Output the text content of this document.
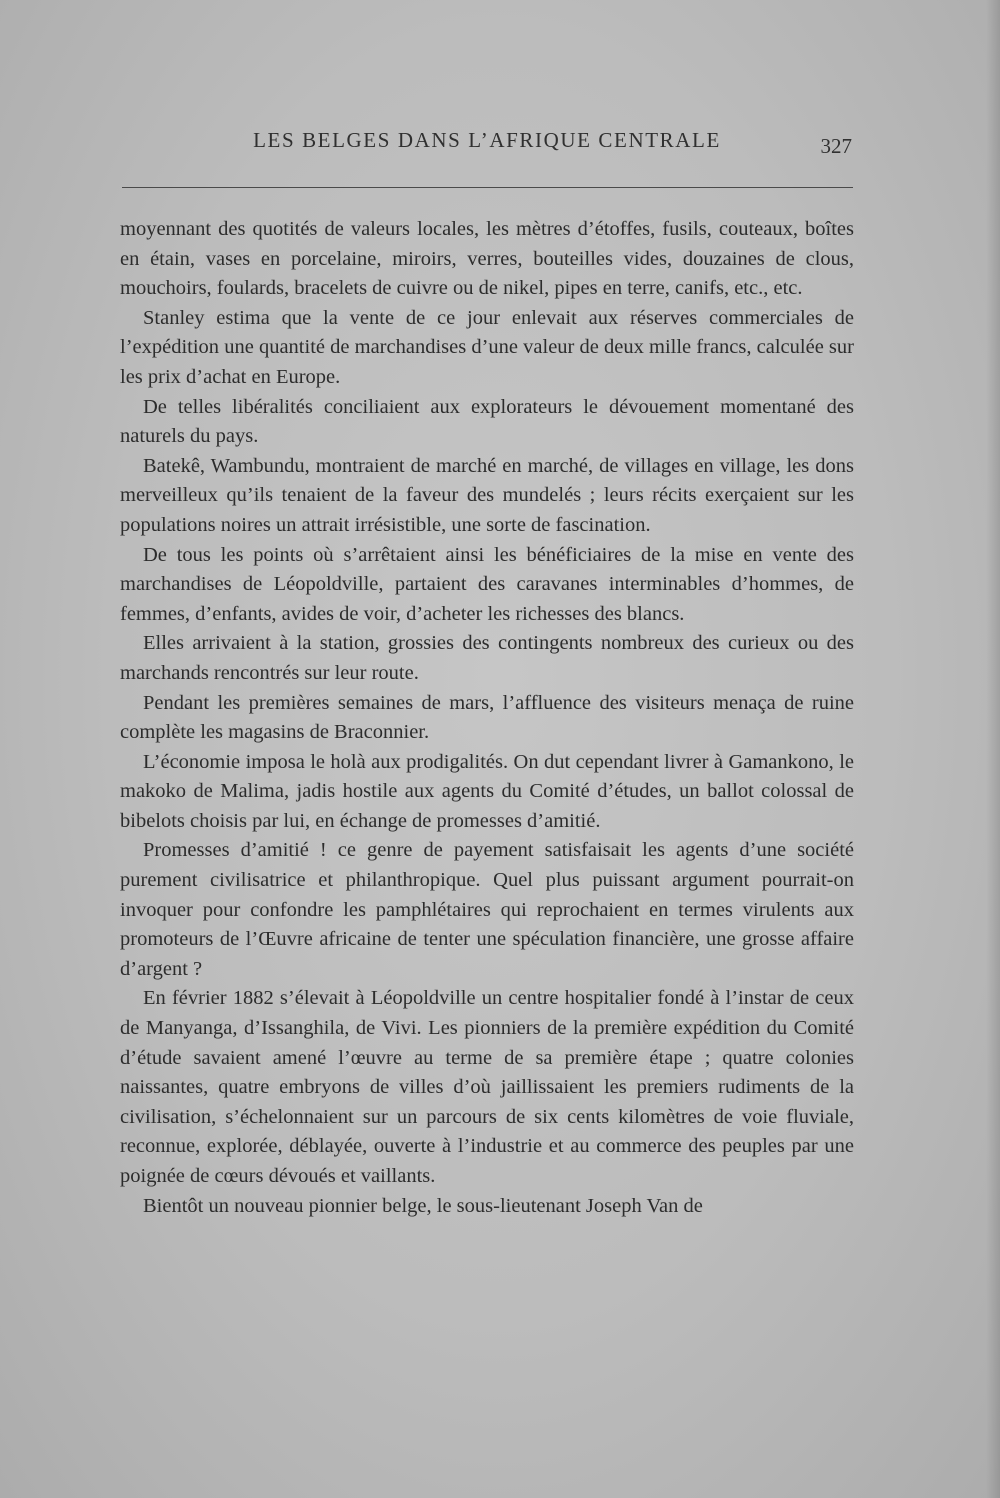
LES BELGES DANS L’AFRIQUE CENTRALE	327

moyennant des quotités de valeurs locales, les mètres d’étoffes, fusils, couteaux, boîtes en étain, vases en porcelaine, miroirs, verres, bouteilles vides, douzaines de clous, mouchoirs, foulards, bracelets de cuivre ou de nikel, pipes en terre, canifs, etc., etc.

Stanley estima que la vente de ce jour enlevait aux réserves commerciales de l’expédition une quantité de marchandises d’une valeur de deux mille francs, calculée sur les prix d’achat en Europe.

De telles libéralités conciliaient aux explorateurs le dévouement momentané des naturels du pays.

Batekê, Wambundu, montraient de marché en marché, de villages en village, les dons merveilleux qu’ils tenaient de la faveur des mundelés ; leurs récits exerçaient sur les populations noires un attrait irrésistible, une sorte de fascination.

De tous les points où s’arrêtaient ainsi les bénéficiaires de la mise en vente des marchandises de Léopoldville, partaient des caravanes interminables d’hommes, de femmes, d’enfants, avides de voir, d’acheter les richesses des blancs.

Elles arrivaient à la station, grossies des contingents nombreux des curieux ou des marchands rencontrés sur leur route.

Pendant les premières semaines de mars, l’affluence des visiteurs menaça de ruine complète les magasins de Braconnier.

L’économie imposa le holà aux prodigalités. On dut cependant livrer à Gamankono, le makoko de Malima, jadis hostile aux agents du Comité d’études, un ballot colossal de bibelots choisis par lui, en échange de promesses d’amitié.

Promesses d’amitié ! ce genre de payement satisfaisait les agents d’une société purement civilisatrice et philanthropique. Quel plus puissant argument pourrait-on invoquer pour confondre les pamphlétaires qui reprochaient en termes virulents aux promoteurs de l’Œuvre africaine de tenter une spéculation financière, une grosse affaire d’argent ?

En février 1882 s’élevait à Léopoldville un centre hospitalier fondé à l’instar de ceux de Manyanga, d’Issanghila, de Vivi. Les pionniers de la première expédition du Comité d’étude savaient amené l’œuvre au terme de sa première étape ; quatre colonies naissantes, quatre embryons de villes d’où jaillissaient les premiers rudiments de la civilisation, s’échelonnaient sur un parcours de six cents kilomètres de voie fluviale, reconnue, explorée, déblayée, ouverte à l’industrie et au commerce des peuples par une poignée de cœurs dévoués et vaillants.

Bientôt un nouveau pionnier belge, le sous-lieutenant Joseph Van de
